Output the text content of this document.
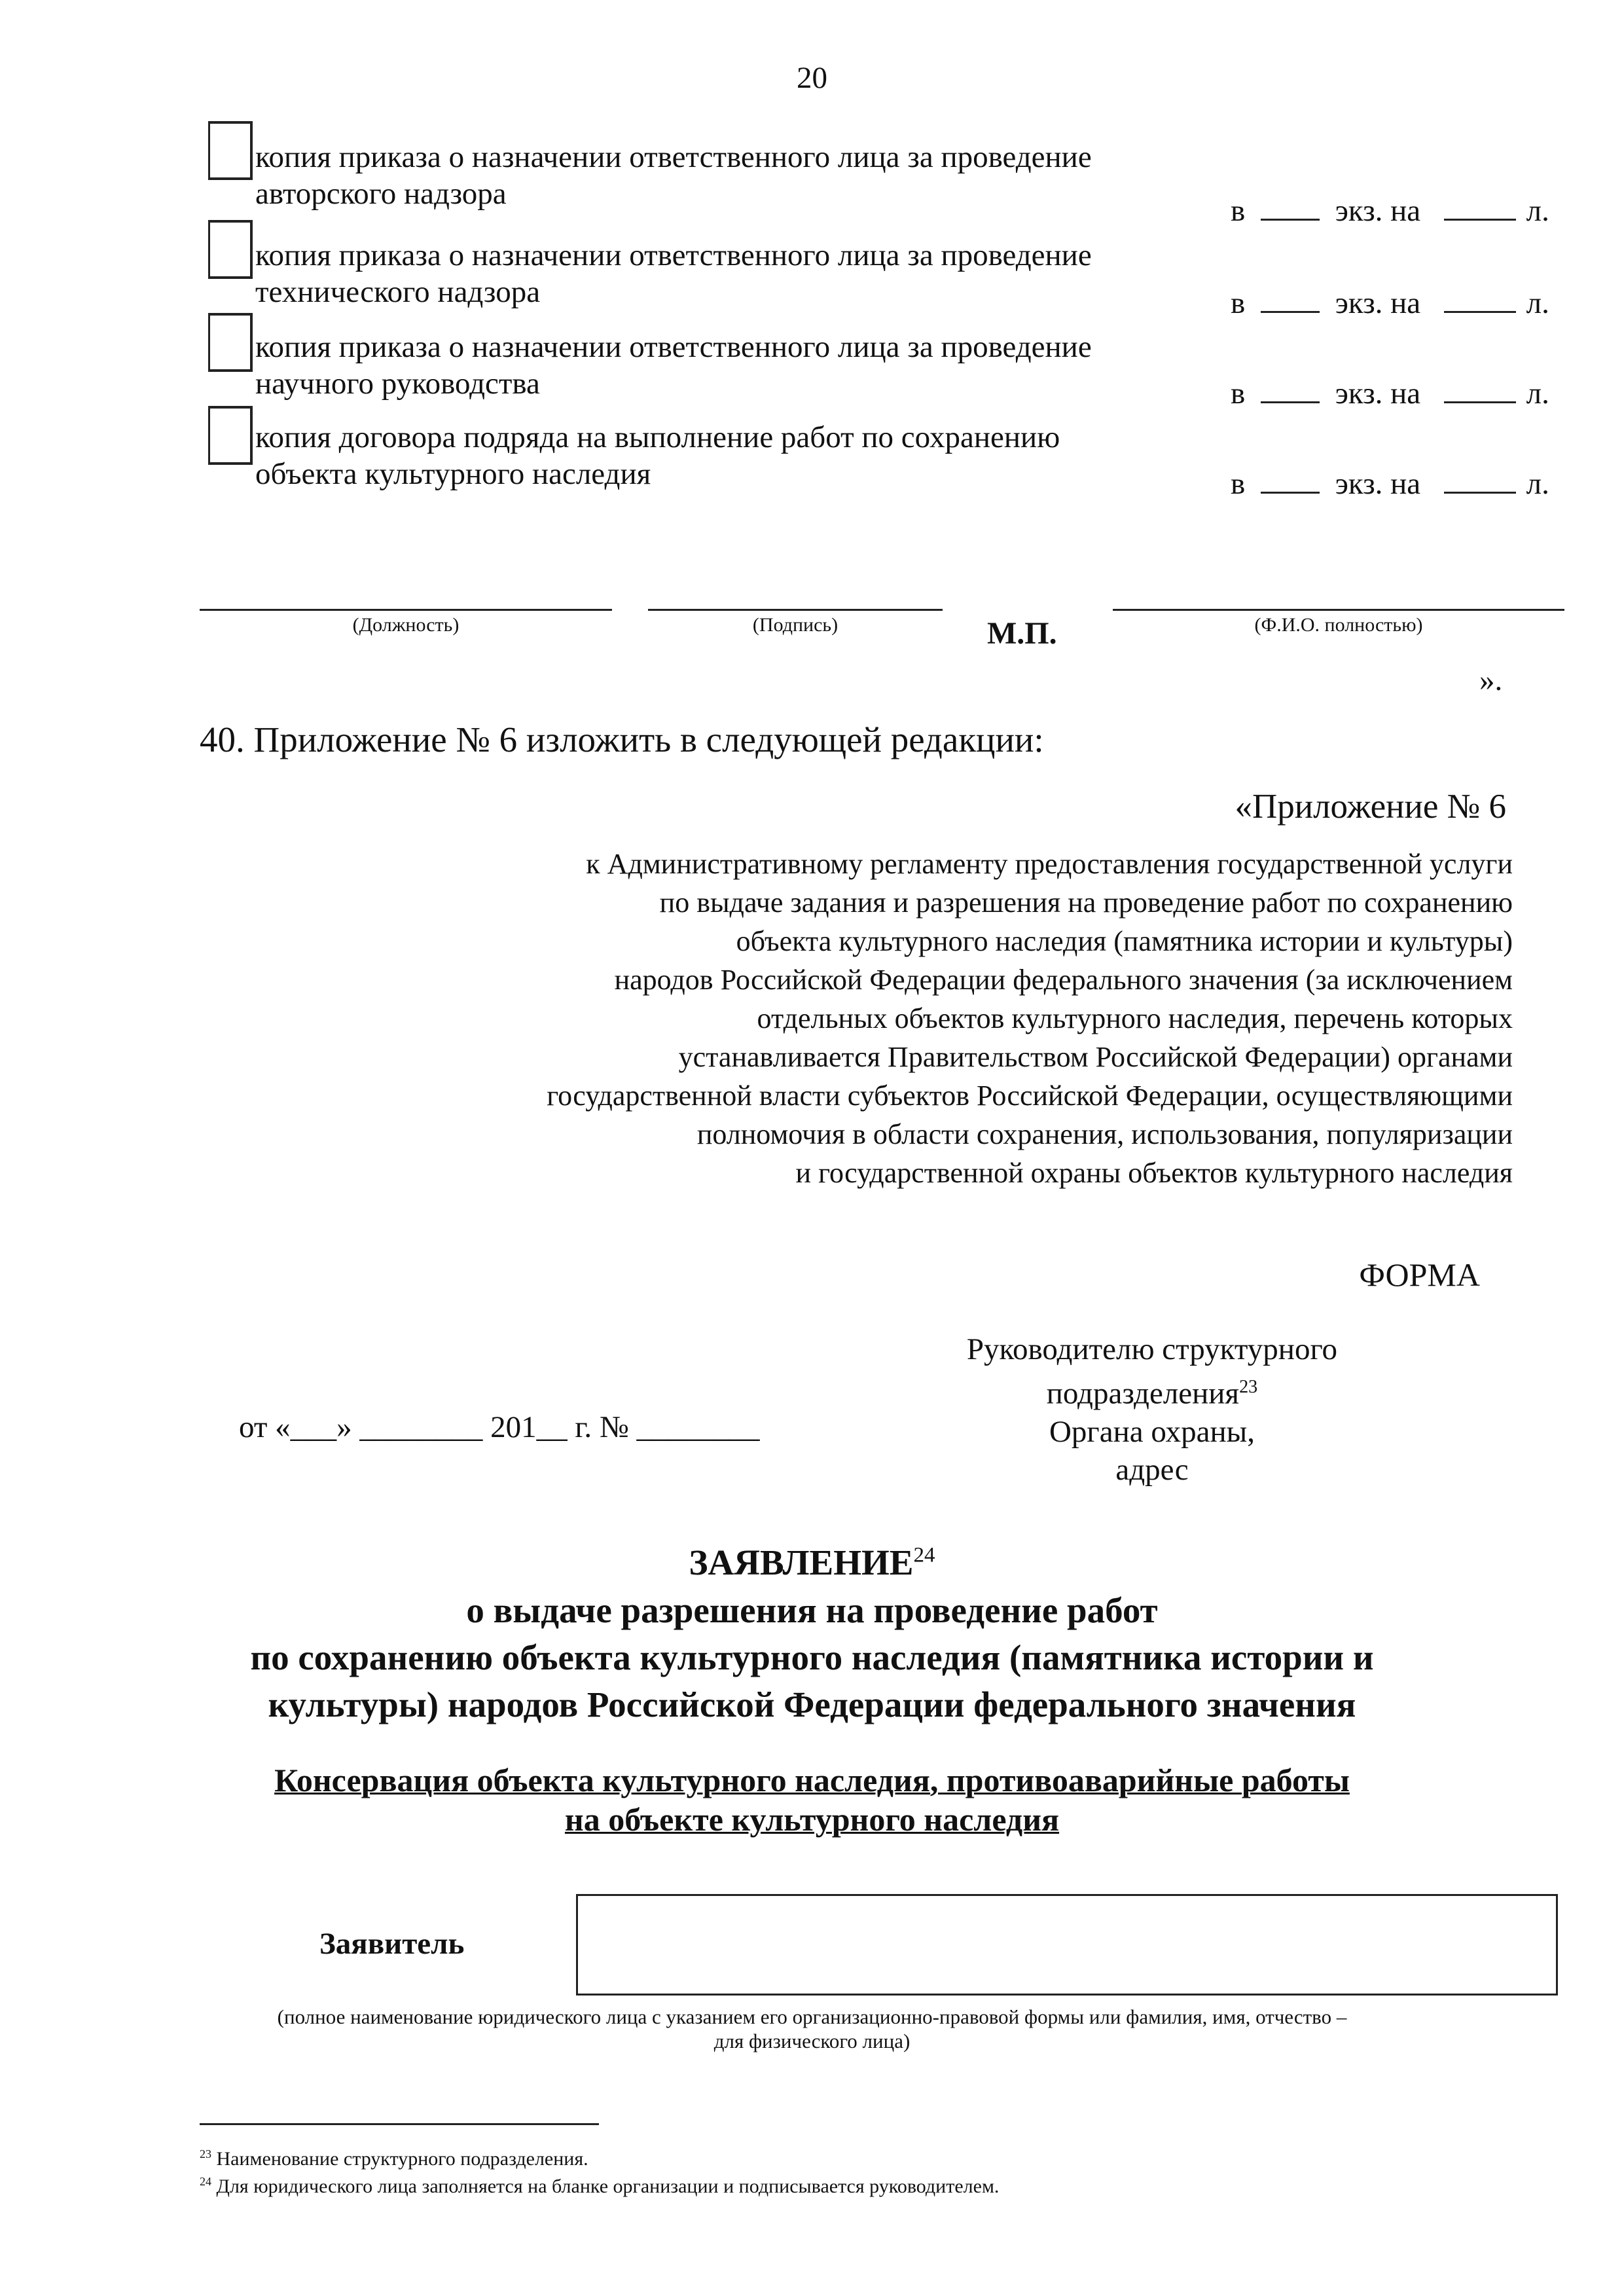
20
копия приказа о назначении ответственного лица за проведение
авторского надзора	в	экз. на	л.
копия приказа о назначении ответственного лица за проведение
технического надзора	в	экз. на	л.
копия приказа о назначении ответственного лица за проведение
научного руководства	в	экз. на	л.
копия договора подряда на выполнение работ по сохранению
объекта культурного наследия	в	экз. на	л.
(Должность)	(Подпись)	М.П.	(Ф.И.О. полностью)
».
40. Приложение № 6 изложить в следующей редакции:
«Приложение № 6
к Административному регламенту предоставления государственной услуги
по выдаче задания и разрешения на проведение работ по сохранению
объекта культурного наследия (памятника истории и культуры)
народов Российской Федерации федерального значения (за исключением
отдельных объектов культурного наследия, перечень которых
устанавливается Правительством Российской Федерации) органами
государственной власти субъектов Российской Федерации, осуществляющими
полномочия в области сохранения, использования, популяризации
и государственной охраны объектов культурного наследия
ФОРМА
Руководителю структурного
подразделения$^{23}$
Органа охраны,
адрес
от «___» ________ 201__ г. № ________
ЗАЯВЛЕНИЕ$^{24}$
о выдаче разрешения на проведение работ
по сохранению объекта культурного наследия (памятника истории и
культуры) народов Российской Федерации федерального значения
Консервация объекта культурного наследия, противоаварийные работы
на объекте культурного наследия
Заявитель
(полное наименование юридического лица с указанием его организационно-правовой формы или фамилия, имя, отчество –
для физического лица)
$^{23}$ Наименование структурного подразделения.
$^{24}$ Для юридического лица заполняется на бланке организации и подписывается руководителем.
